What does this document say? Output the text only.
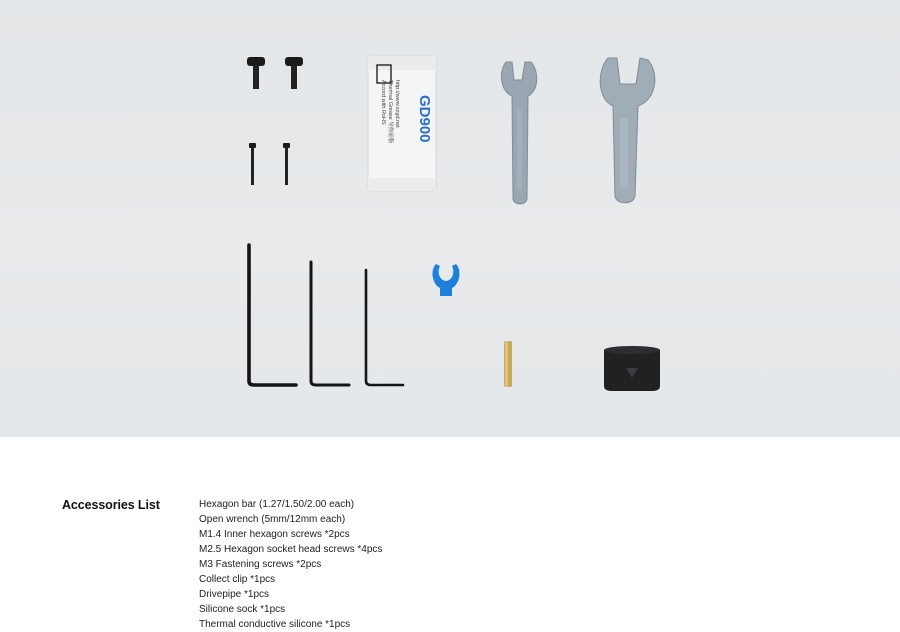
GD900
http://www.szgd.net
Thermal Grease 导热硅脂
Accord with RoHS
Accessories List	Hexagon bar (1.27/1.50/2.00 each)
Open wrench (5mm/12mm each)
M1.4 Inner hexagon screws *2pcs
M2.5 Hexagon socket head screws *4pcs
M3 Fastening screws *2pcs
Collect clip *1pcs
Drivepipe *1pcs
Silicone sock *1pcs
Thermal conductive silicone *1pcs
